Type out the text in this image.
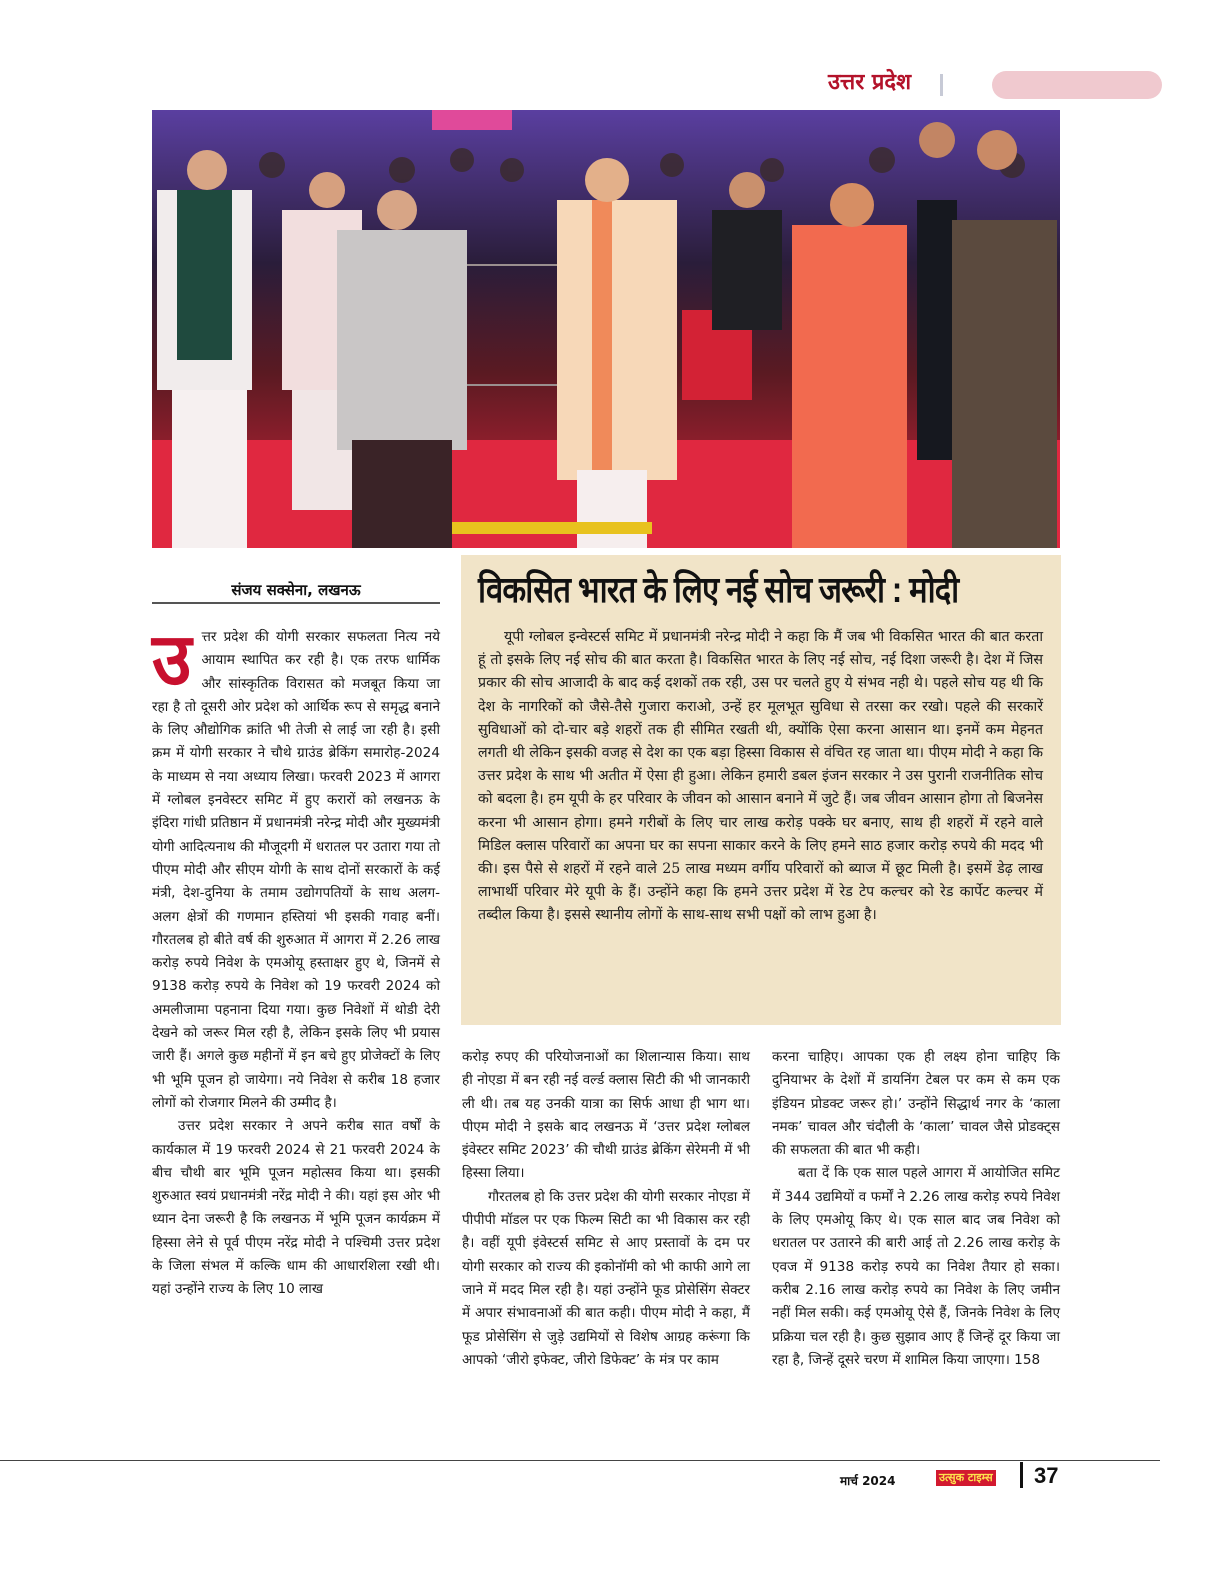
उत्तर प्रदेश
संजय सक्सेना, लखनऊ	विकसित भारत के लिए नई सोच जरूरी : मोदी
यूपी ग्लोबल इन्वेस्टर्स समिट में प्रधानमंत्री नरेन्द्र मोदी ने कहा कि मैं जब भी विकसित भारत की बात करता हूं तो इसके लिए नई सोच की बात करता है। विकसित भारत के लिए नई सोच, नई दिशा जरूरी है। देश में जिस प्रकार की सोच आजादी के बाद कई दशकों तक रही, उस पर चलते हुए ये संभव नही थे। पहले सोच यह थी कि देश के नागरिकों को जैसे-तैसे गुजारा कराओ, उन्हें हर मूलभूत सुविधा से तरसा कर रखो। पहले की सरकारें सुविधाओं को दो-चार बड़े शहरों तक ही सीमित रखती थी, क्योंकि ऐसा करना आसान था। इनमें कम मेहनत लगती थी लेकिन इसकी वजह से देश का एक बड़ा हिस्सा विकास से वंचित रह जाता था। पीएम मोदी ने कहा कि उत्तर प्रदेश के साथ भी अतीत में ऐसा ही हुआ। लेकिन हमारी डबल इंजन सरकार ने उस पुरानी राजनीतिक सोच को बदला है। हम यूपी के हर परिवार के जीवन को आसान बनाने में जुटे हैं। जब जीवन आसान होगा तो बिजनेस करना भी आसान होगा। हमने गरीबों के लिए चार लाख करोड़ पक्के घर बनाए, साथ ही शहरों में रहने वाले मिडिल क्लास परिवारों का अपना घर का सपना साकार करने के लिए हमने साठ हजार करोड़ रुपये की मदद भी की। इस पैसे से शहरों में रहने वाले 25 लाख मध्यम वर्गीय परिवारों को ब्याज में छूट मिली है। इसमें डेढ़ लाख लाभार्थी परिवार मेरे यूपी के हैं। उन्होंने कहा कि हमने उत्तर प्रदेश में रेड टेप कल्चर को रेड कार्पेट कल्चर में तब्दील किया है। इससे स्थानीय लोगों के साथ-साथ सभी पक्षों को लाभ हुआ है।
उ त्तर प्रदेश की योगी सरकार सफलता नित्य नये आयाम स्थापित कर रही है। एक तरफ धार्मिक और सांस्कृतिक विरासत को मजबूत किया जा रहा है तो दूसरी ओर प्रदेश को आर्थिक रूप से समृद्ध बनाने के लिए औद्योगिक क्रांति भी तेजी से लाई जा रही है। इसी क्रम में योगी सरकार ने चौथे ग्राउंड ब्रेकिंग समारोह-2024 के माध्यम से नया अध्याय लिखा। फरवरी 2023 में आगरा में ग्लोबल इनवेस्टर समिट में हुए करारों को लखनऊ के इंदिरा गांधी प्रतिष्ठान में प्रधानमंत्री नरेन्द्र मोदी और मुख्यमंत्री योगी आदित्यनाथ की मौजूदगी में धरातल पर उतारा गया तो पीएम मोदी और सीएम योगी के साथ दोनों सरकारों के कई मंत्री, देश-दुनिया के तमाम उद्योगपतियों के साथ अलग-अलग क्षेत्रों की गणमान हस्तियां भी इसकी गवाह बनीं। गौरतलब हो बीते वर्ष की शुरुआत में आगरा में 2.26 लाख करोड़ रुपये निवेश के एमओयू हस्ताक्षर हुए थे, जिनमें से 9138 करोड़ रुपये के निवेश को 19 फरवरी 2024 को अमलीजामा पहनाना दिया गया। कुछ निवेशों में थोडी देरी देखने को जरूर मिल रही है, लेकिन इसके लिए भी प्रयास जारी हैं। अगले कुछ महीनों में इन बचे हुए प्रोजेक्टों के लिए भी भूमि पूजन हो जायेगा। नये निवेश से करीब 18 हजार लोगों को रोजगार मिलने की उम्मीद है।

उत्तर प्रदेश सरकार ने अपने करीब सात वर्षों के कार्यकाल में 19 फरवरी 2024 से 21 फरवरी 2024 के बीच चौथी बार भूमि पूजन महोत्सव किया था। इसकी शुरुआत स्वयं प्रधानमंत्री नरेंद्र मोदी ने की। यहां इस ओर भी ध्यान देना जरूरी है कि लखनऊ में भूमि पूजन कार्यक्रम में हिस्सा लेने से पूर्व पीएम नरेंद्र मोदी ने पश्चिमी उत्तर प्रदेश के जिला संभल में कल्कि धाम की आधारशिला रखी थी। यहां उन्होंने राज्य के लिए 10 लाख

करोड़ रुपए की परियोजनाओं का शिलान्यास किया। साथ ही नोएडा में बन रही नई वर्ल्ड क्लास सिटी की भी जानकारी ली थी। तब यह उनकी यात्रा का सिर्फ आधा ही भाग था। पीएम मोदी ने इसके बाद लखनऊ में ‘उत्तर प्रदेश ग्लोबल इंवेस्टर समिट 2023’ की चौथी ग्राउंड ब्रेकिंग सेरेमनी में भी हिस्सा लिया।

गौरतलब हो कि उत्तर प्रदेश की योगी सरकार नोएडा में पीपीपी मॉडल पर एक फिल्म सिटी का भी विकास कर रही है। वहीं यूपी इंवेस्टर्स समिट से आए प्रस्तावों के दम पर योगी सरकार को राज्य की इकोनॉमी को भी काफी आगे ला जाने में मदद मिल रही है। यहां उन्होंने फूड प्रोसेसिंग सेक्टर में अपार संभावनाओं की बात कही। पीएम मोदी ने कहा, मैं फूड प्रोसेसिंग से जुड़े उद्यमियों से विशेष आग्रह करूंगा कि आपको ‘जीरो इफेक्ट, जीरो डिफेक्ट’ के मंत्र पर काम

करना चाहिए। आपका एक ही लक्ष्य होना चाहिए कि दुनियाभर के देशों में डायनिंग टेबल पर कम से कम एक इंडियन प्रोडक्ट जरूर हो।’ उन्होंने सिद्धार्थ नगर के ‘काला नमक’ चावल और चंदौली के ‘काला’ चावल जैसे प्रोडक्ट्स की सफलता की बात भी कही।

बता दें कि एक साल पहले आगरा में आयोजित समिट में 344 उद्यमियों व फर्मों ने 2.26 लाख करोड़ रुपये निवेश के लिए एमओयू किए थे। एक साल बाद जब निवेश को धरातल पर उतारने की बारी आई तो 2.26 लाख करोड़ के एवज में 9138 करोड़ रुपये का निवेश तैयार हो सका। करीब 2.16 लाख करोड़ रुपये का निवेश के लिए जमीन नहीं मिल सकी। कई एमओयू ऐसे हैं, जिनके निवेश के लिए प्रक्रिया चल रही है। कुछ सुझाव आए हैं जिन्हें दूर किया जा रहा है, जिन्हें दूसरे चरण में शामिल किया जाएगा। 158

मार्च 2024	उत्सुक टाइम्स 37
